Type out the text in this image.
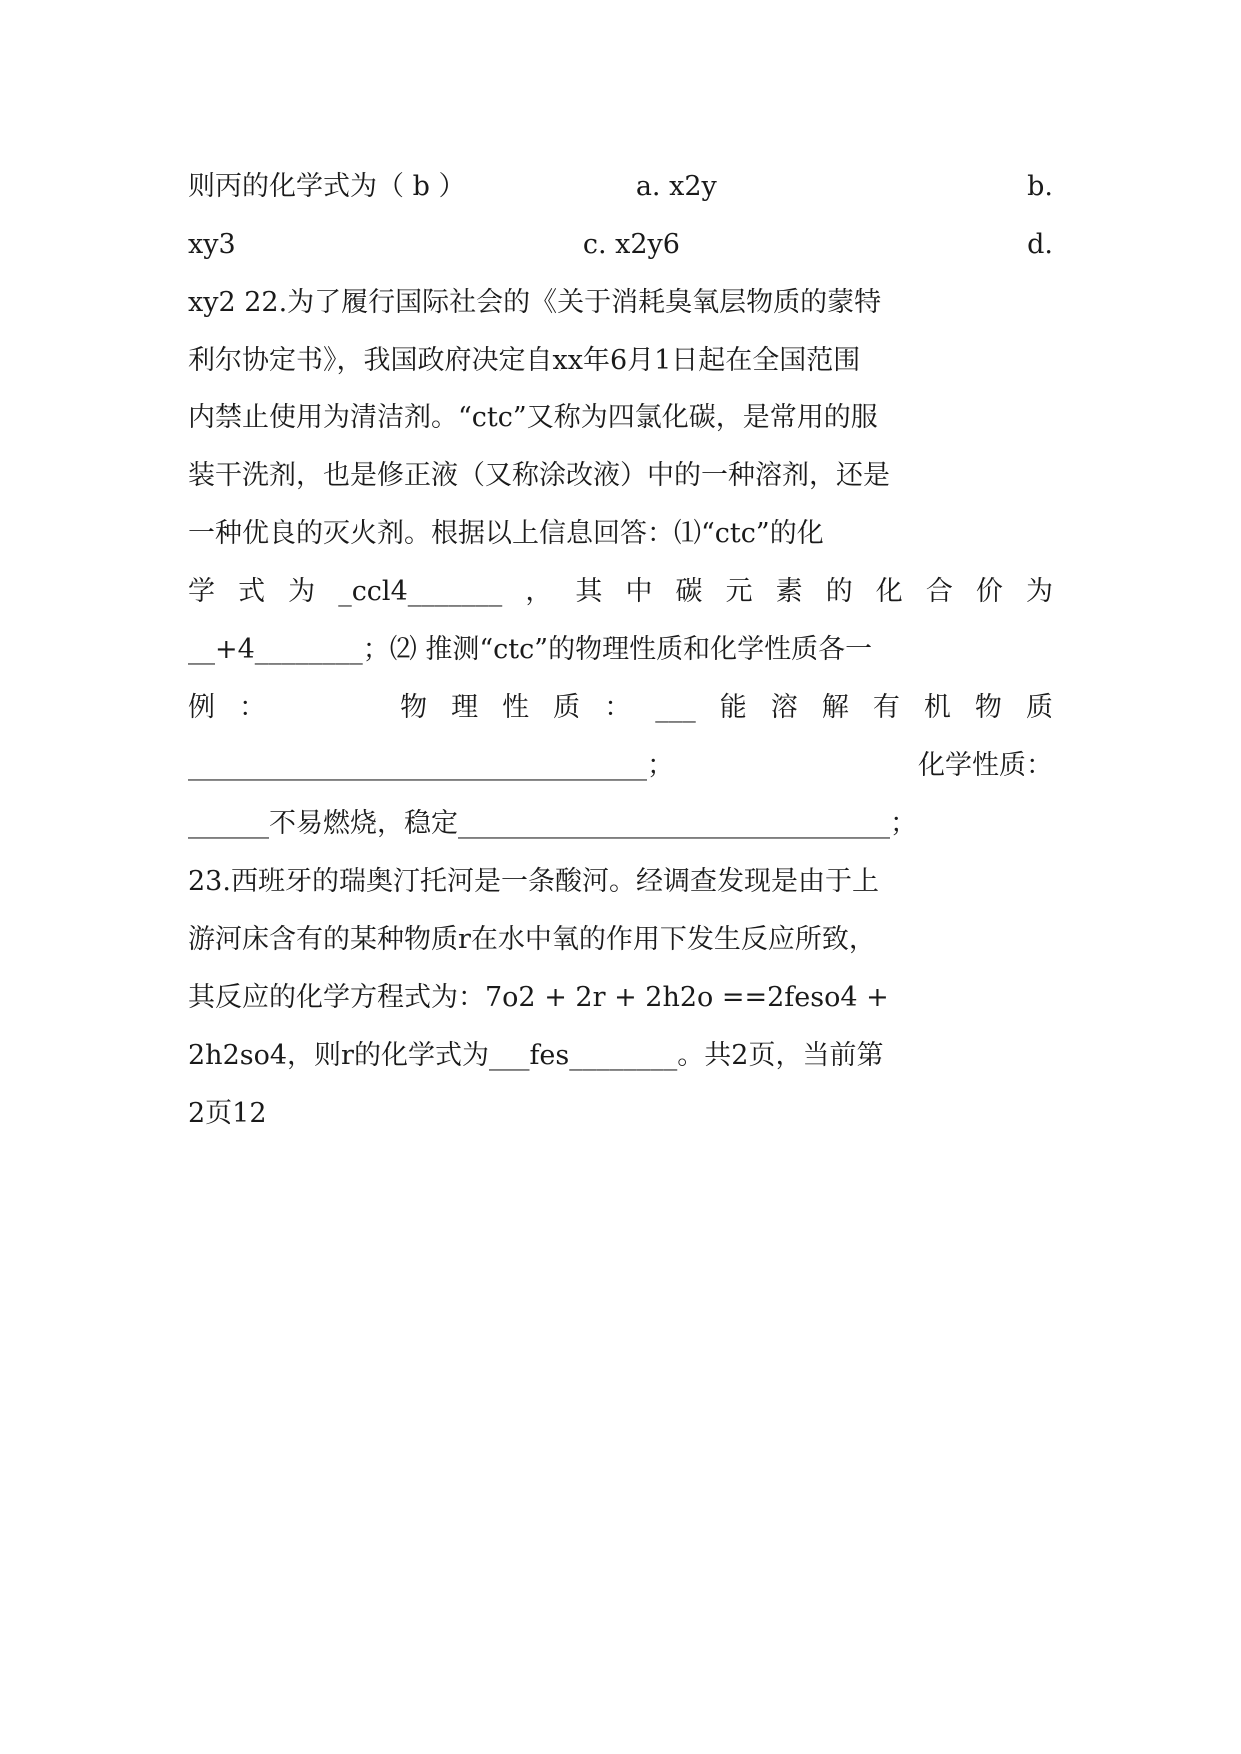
则丙的化学式为（ b ）	a. x2y	b.
xy3	c. x2y6	d.
xy2 22.为了履行国际社会的《关于消耗臭氧层物质的蒙特
利尔协定书》，我国政府决定自xx年6月1日起在全国范围
内禁止使用为清洁剂。“ctc”又称为四氯化碳，是常用的服
装干洗剂，也是修正液（又称涂改液）中的一种溶剂，还是
一种优良的灭火剂。根据以上信息回答：⑴“ctc”的化
学 式 为 _ccl4_______ ， 其 中 碳 元 素 的 化 合 价 为
__+4________；⑵ 推测“ctc”的物理性质和化学性质各一
例 ：	物 理 性 质 ： ___ 能 溶 解 有 机 物 质
__________________________________；	化学性质：
______不易燃烧，稳定________________________________；
23.西班牙的瑞奥汀托河是一条酸河。经调查发现是由于上
游河床含有的某种物质r在水中氧的作用下发生反应所致，
其反应的化学方程式为：7o2 + 2r + 2h2o ==2feso4 +
2h2so4，则r的化学式为___fes________。共2页，当前第
2页12
